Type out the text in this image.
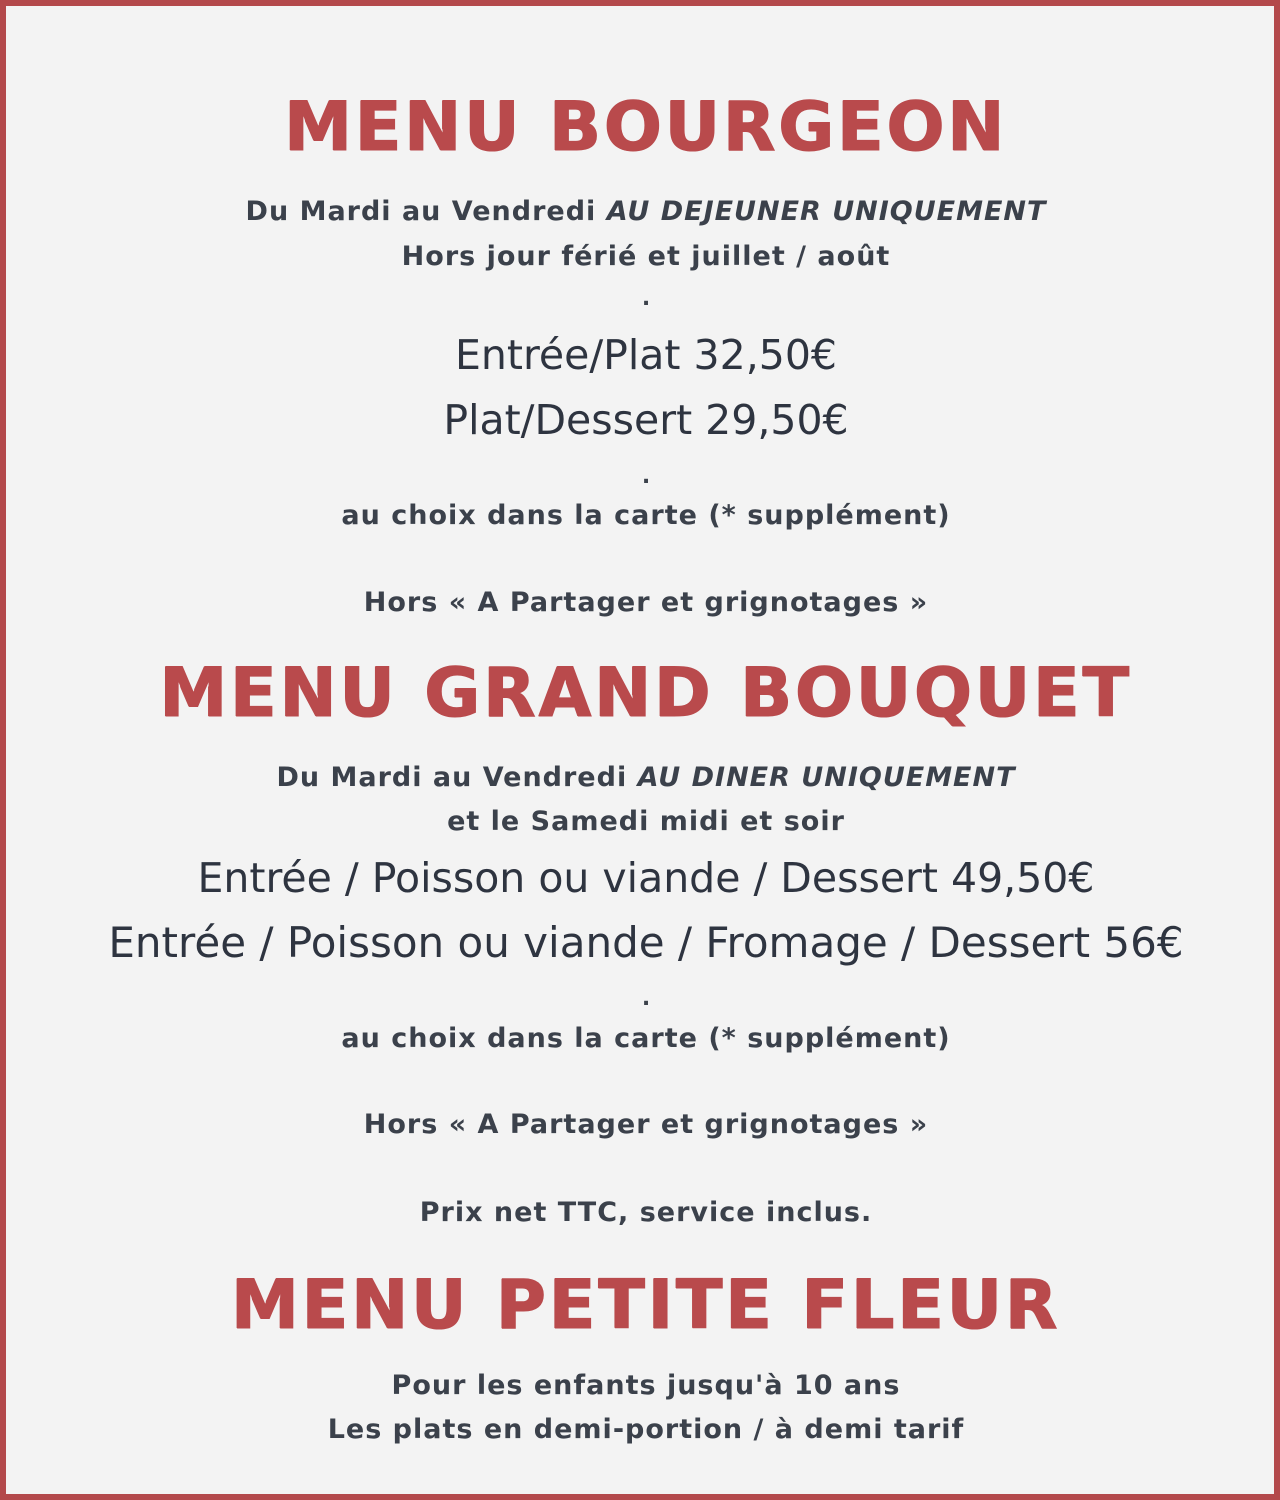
MENU BOURGEON
Du Mardi au Vendredi AU DEJEUNER UNIQUEMENT
Hors jour férié et juillet / août
.
Entrée/Plat 32,50€
Plat/Dessert 29,50€
.
au choix dans la carte (* supplément)
Hors « A Partager et grignotages »
MENU GRAND BOUQUET
Du Mardi au Vendredi AU DINER UNIQUEMENT
et le Samedi midi et soir
Entrée / Poisson ou viande / Dessert 49,50€
Entrée / Poisson ou viande / Fromage / Dessert 56€
.
au choix dans la carte (* supplément)
Hors « A Partager et grignotages »
Prix net TTC, service inclus.
MENU PETITE FLEUR
Pour les enfants jusqu'à 10 ans
Les plats en demi-portion / à demi tarif
